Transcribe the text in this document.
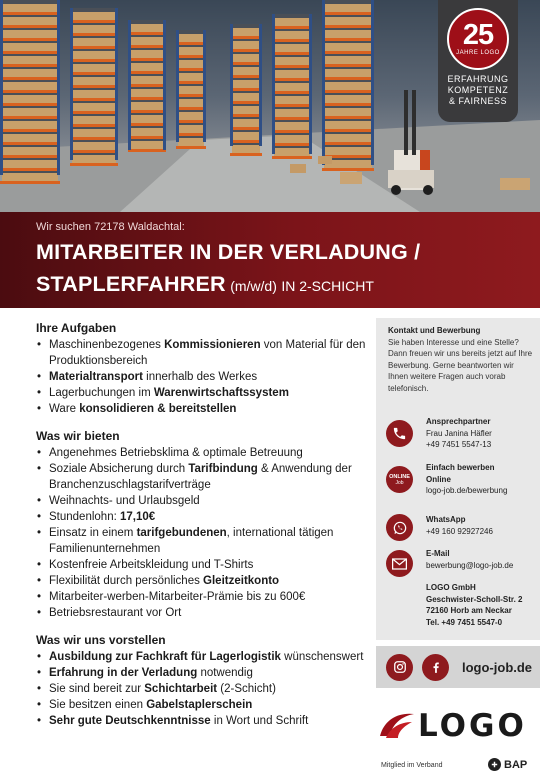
25
JAHRE LOGO
ERFAHRUNG
KOMPETENZ
& FAIRNESS
Wir suchen 72178 Waldachtal:
MITARBEITER IN DER VERLADUNG /
STAPLERFAHRER (m/w/d) IN 2-SCHICHT
Ihre Aufgaben
• Maschinenbezogenes Kommissionieren von Material für den Produktionsbereich
• Materialtransport innerhalb des Werkes
• Lagerbuchungen im Warenwirtschaftssystem
• Ware konsolidieren & bereitstellen
Was wir bieten
• Angenehmes Betriebsklima & optimale Betreuung
• Soziale Absicherung durch Tarifbindung & Anwendung der Branchenzuschlagstarifverträge
• Weihnachts- und Urlaubsgeld
• Stundenlohn: 17,10€
• Einsatz in einem tarifgebundenen, international tätigen Familienunternehmen
• Kostenfreie Arbeitskleidung und T-Shirts
• Flexibilität durch persönliches Gleitzeitkonto
• Mitarbeiter-werben-Mitarbeiter-Prämie bis zu 600€
• Betriebsrestaurant vor Ort
Was wir uns vorstellen
• Ausbildung zur Fachkraft für Lagerlogistik wünschenswert
• Erfahrung in der Verladung notwendig
• Sie sind bereit zur Schichtarbeit (2-Schicht)
• Sie besitzen einen Gabelstaplerschein
• Sehr gute Deutschkenntnisse in Wort und Schrift
Kontakt und Bewerbung
Sie haben Interesse und eine Stelle? Dann freuen wir uns bereits jetzt auf Ihre Bewerbung. Gerne beantworten wir Ihnen weitere Fragen auch vorab telefonisch.
Ansprechpartner
Frau Janina Häfler
+49 7451 5547-13
ONLINE
Job
Einfach bewerben
Online
logo-job.de/bewerbung
WhatsApp
+49 160 92927246
E-Mail
bewerbung@logo-job.de
LOGO GmbH
Geschwister-Scholl-Str. 2
72160 Horb am Neckar
Tel. +49 7451 5547-0
logo-job.de
LOGO
Mitglied im Verband	BAP
